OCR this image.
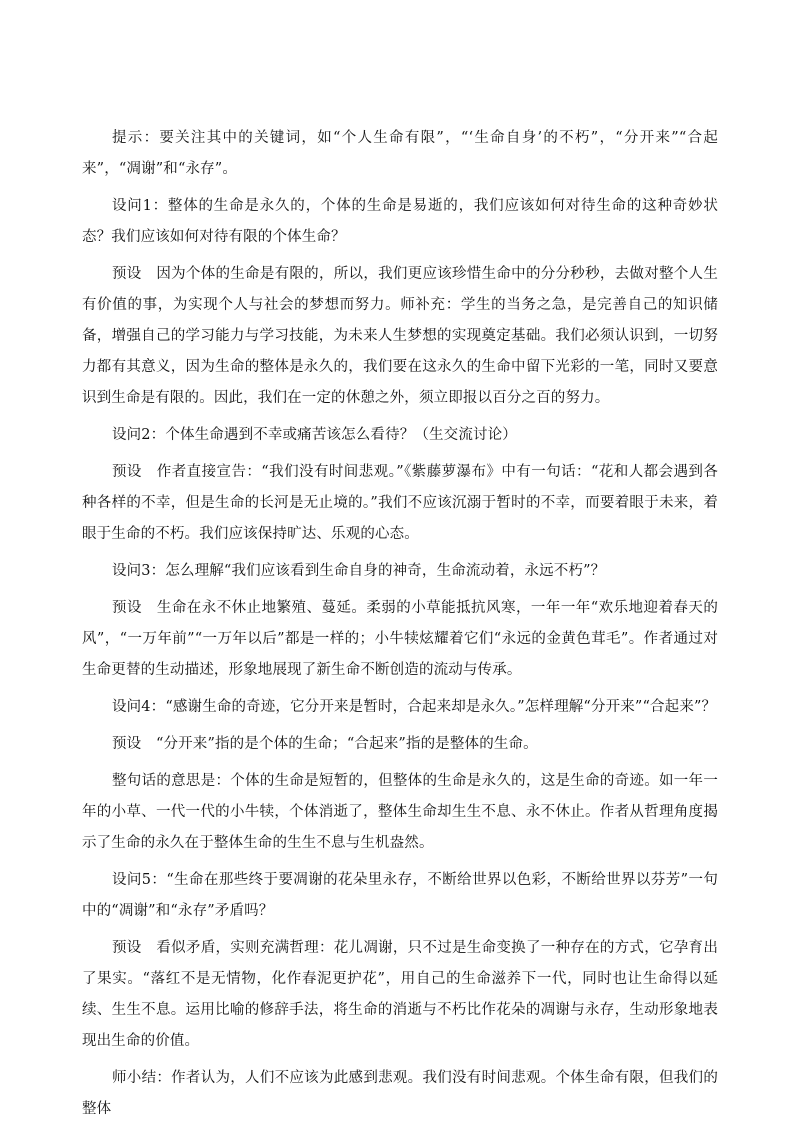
提示：要关注其中的关键词，如“个人生命有限”，“‘生命自身’的不朽”，“分开来”“合起来”，“凋谢”和“永存”。

设问1：整体的生命是永久的，个体的生命是易逝的，我们应该如何对待生命的这种奇妙状态？我们应该如何对待有限的个体生命？

预设　因为个体的生命是有限的，所以，我们更应该珍惜生命中的分分秒秒，去做对整个人生有价值的事，为实现个人与社会的梦想而努力。师补充：学生的当务之急，是完善自己的知识储备，增强自己的学习能力与学习技能，为未来人生梦想的实现奠定基础。我们必须认识到，一切努力都有其意义，因为生命的整体是永久的，我们要在这永久的生命中留下光彩的一笔，同时又要意识到生命是有限的。因此，我们在一定的休憩之外，须立即报以百分之百的努力。

设问2：个体生命遇到不幸或痛苦该怎么看待？（生交流讨论）

预设　作者直接宣告：“我们没有时间悲观。”《紫藤萝瀑布》中有一句话：“花和人都会遇到各种各样的不幸，但是生命的长河是无止境的。”我们不应该沉溺于暂时的不幸，而要着眼于未来，着眼于生命的不朽。我们应该保持旷达、乐观的心态。

设问3：怎么理解“我们应该看到生命自身的神奇，生命流动着，永远不朽”？

预设　生命在永不休止地繁殖、蔓延。柔弱的小草能抵抗风寒，一年一年“欢乐地迎着春天的风”，“一万年前”“一万年以后”都是一样的；小牛犊炫耀着它们“永远的金黄色茸毛”。作者通过对生命更替的生动描述，形象地展现了新生命不断创造的流动与传承。

设问4：“感谢生命的奇迹，它分开来是暂时，合起来却是永久。”怎样理解“分开来”“合起来”？

预设　“分开来”指的是个体的生命；“合起来”指的是整体的生命。

整句话的意思是：个体的生命是短暂的，但整体的生命是永久的，这是生命的奇迹。如一年一年的小草、一代一代的小牛犊，个体消逝了，整体生命却生生不息、永不休止。作者从哲理角度揭示了生命的永久在于整体生命的生生不息与生机盎然。

设问5：“生命在那些终于要凋谢的花朵里永存，不断给世界以色彩，不断给世界以芬芳”一句中的“凋谢”和“永存”矛盾吗？

预设　看似矛盾，实则充满哲理：花儿凋谢，只不过是生命变换了一种存在的方式，它孕育出了果实。“落红不是无情物，化作春泥更护花”，用自己的生命滋养下一代，同时也让生命得以延续、生生不息。运用比喻的修辞手法，将生命的消逝与不朽比作花朵的凋谢与永存，生动形象地表现出生命的价值。

师小结：作者认为，人们不应该为此感到悲观。我们没有时间悲观。个体生命有限，但我们的整体
